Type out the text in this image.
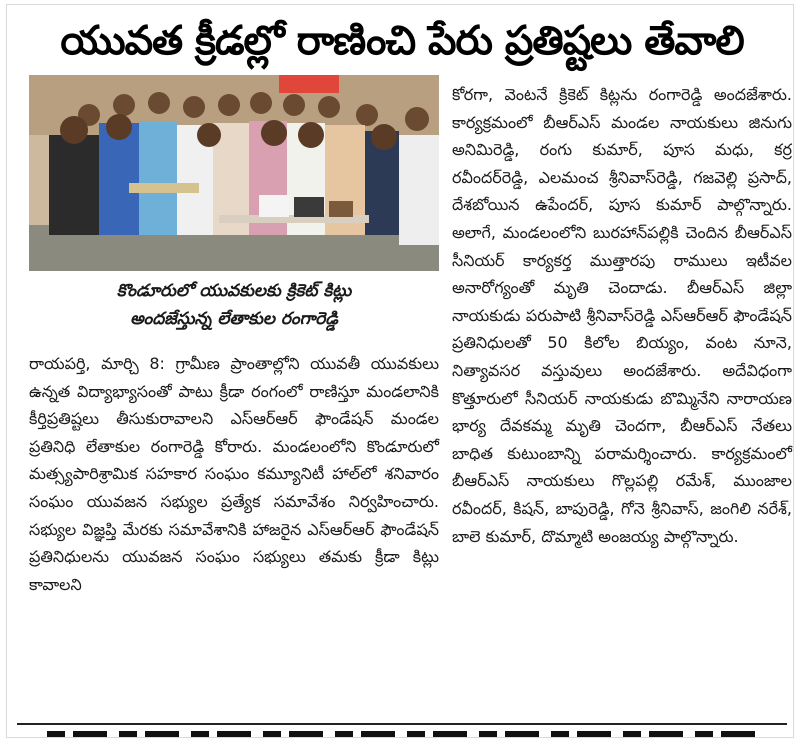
యువత క్రీడల్లో రాణించి పేరు ప్రతిష్టలు తేవాలి
కొండూరులో యువకులకు క్రికెట్ కిట్లు
అందజేస్తున్న లేతాకుల రంగారెడ్డి
రాయపర్తి, మార్చి 8: గ్రామీణ ప్రాంతాల్లోని యువతీ యువకులు ఉన్నత విద్యాభ్యాసంతో పాటు క్రీడా రంగంలో రాణిస్తూ మండలానికి కీర్తిప్రతిష్టలు తీసుకురావాలని ఎస్ఆర్ఆర్ ఫౌండేషన్ మండల ప్రతినిధి లేతాకుల రంగారెడ్డి కోరారు. మండలంలోని కొండూరులో మత్స్యపారిశ్రామిక సహకార సంఘం కమ్యూనిటీ హాల్‌లో శనివారం సంఘం యువజన సభ్యుల ప్రత్యేక సమావేశం నిర్వహించారు. సభ్యుల విజ్ఞప్తి మేరకు సమావేశానికి హాజరైన ఎస్ఆర్ఆర్ ఫౌండేషన్ ప్రతినిధులను యువజన సంఘం సభ్యులు తమకు క్రీడా కిట్లు కావాలని
కోరగా, వెంటనే క్రికెట్ కిట్లను రంగారెడ్డి అందజేశారు. కార్యక్రమంలో బీఆర్ఎస్ మండల నాయకులు జినుగు అనిమిరెడ్డి, రంగు కుమార్, పూస మధు, కర్ర రవీందర్‌రెడ్డి, ఎలమంచ శ్రీనివాస్‌రెడ్డి, గజవెల్లి ప్రసాద్, దేశబోయిన ఉపేందర్, పూస కుమార్ పాల్గొన్నారు. అలాగే, మండలంలోని బురహాన్‌పల్లికి చెందిన బీఆర్ఎస్ సీనియర్ కార్యకర్త ముత్తారపు రాములు ఇటీవల అనారోగ్యంతో మృతి చెందాడు. బీఆర్ఎస్ జిల్లా నాయకుడు పరుపాటి శ్రీనివాస్‌రెడ్డి ఎస్ఆర్ఆర్ ఫౌండేషన్ ప్రతినిధులతో 50 కిలోల బియ్యం, వంట నూనె, నిత్యావసర వస్తువులు అందజేశారు. అదేవిధంగా కొత్తూరులో సీనియర్ నాయకుడు బొమ్మినేని నారాయణ భార్య దేవకమ్మ మృతి చెందగా, బీఆర్ఎస్ నేతలు బాధిత కుటుంబాన్ని పరామర్శించారు. కార్యక్రమంలో బీఆర్ఎస్ నాయకులు గొల్లపల్లి రమేశ్, ముంజాల రవీందర్, కిషన్, బాపురెడ్డి, గోనె శ్రీనివాస్, జంగిలి నరేశ్, బాలె కుమార్, దొమ్మాటి అంజయ్య పాల్గొన్నారు.
